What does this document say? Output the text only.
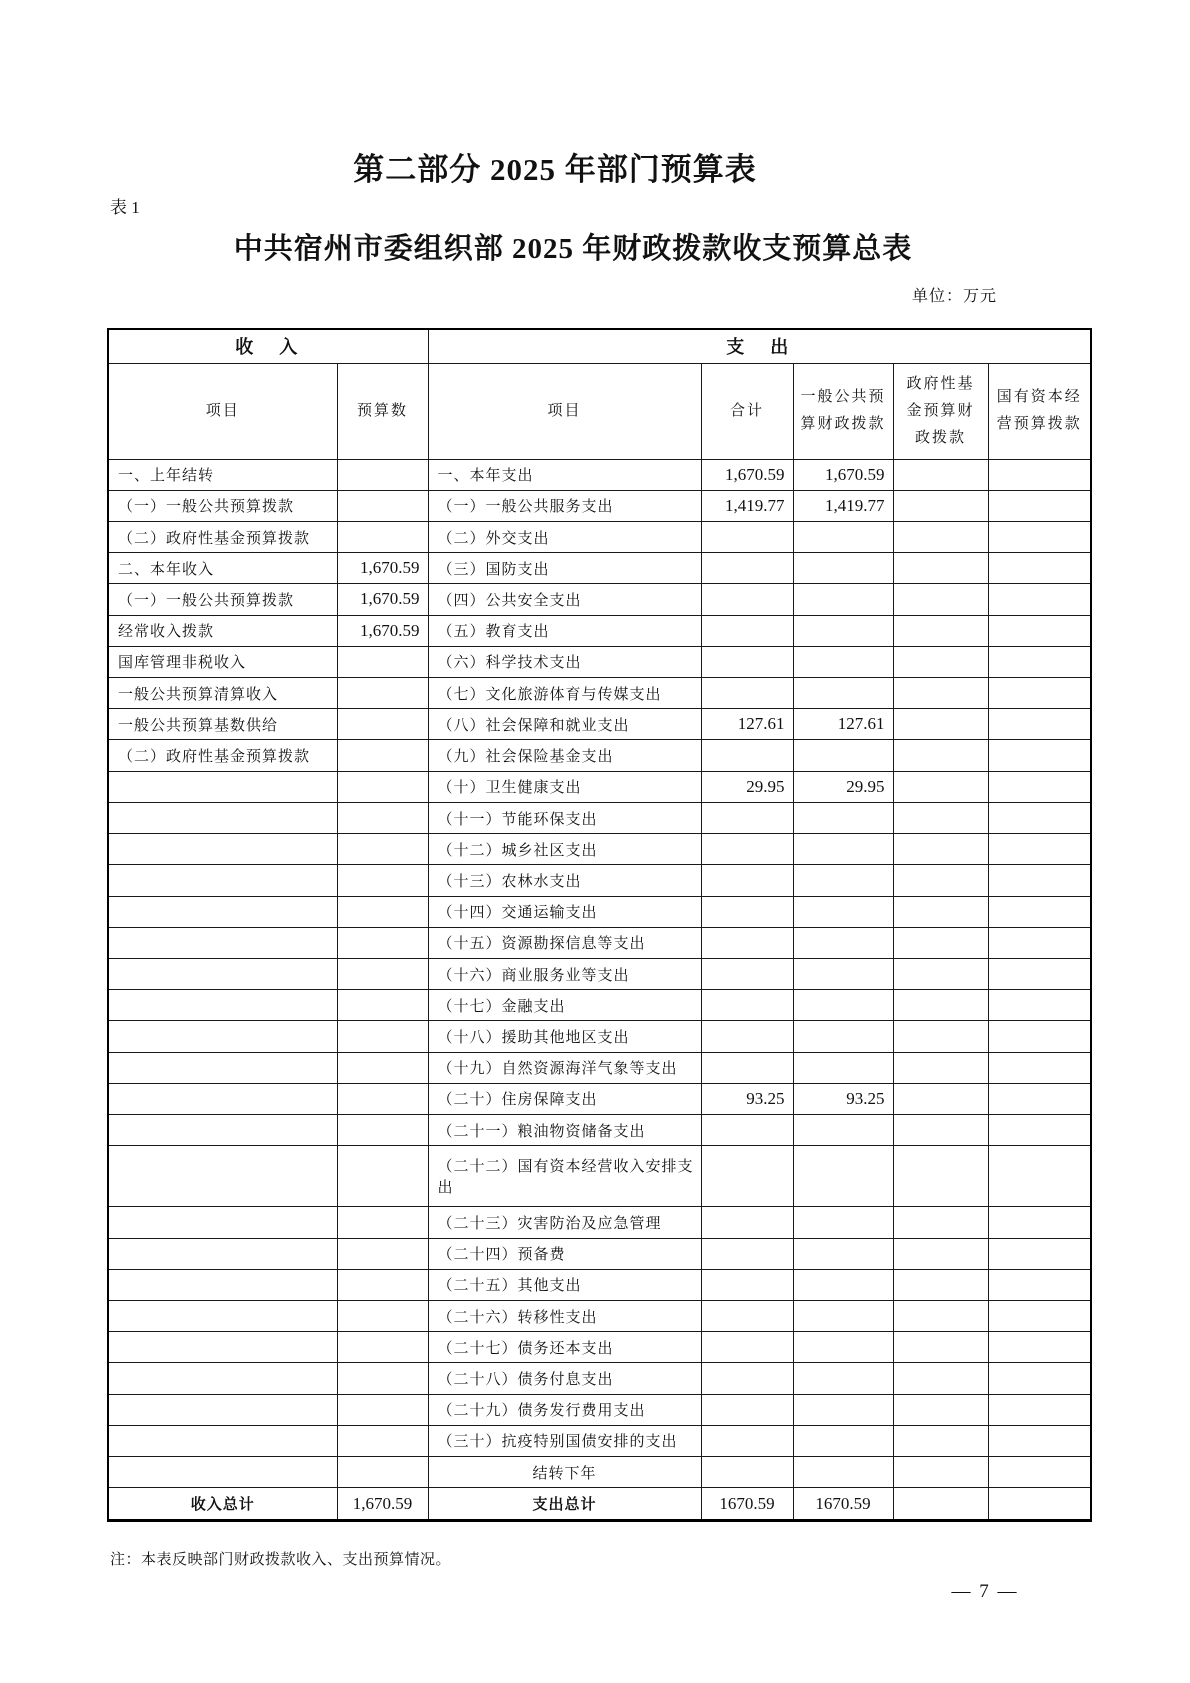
第二部分 2025 年部门预算表
表 1
中共宿州市委组织部 2025 年财政拨款收支预算总表
单位：万元
收　入		支　出				
项目	预算数	项目	合计	一般公共预算财政拨款	政府性基金预算财政拨款	国有资本经营预算拨款
一、上年结转		一、本年支出	1,670.59	1,670.59		
（一）一般公共预算拨款		（一）一般公共服务支出	1,419.77	1,419.77		
（二）政府性基金预算拨款		（二）外交支出				
二、本年收入	1,670.59	（三）国防支出				
（一）一般公共预算拨款	1,670.59	（四）公共安全支出				
经常收入拨款	1,670.59	（五）教育支出				
国库管理非税收入		（六）科学技术支出				
一般公共预算清算收入		（七）文化旅游体育与传媒支出				
一般公共预算基数供给		（八）社会保障和就业支出	127.61	127.61		
（二）政府性基金预算拨款		（九）社会保险基金支出				
		（十）卫生健康支出	29.95	29.95		
		（十一）节能环保支出				
		（十二）城乡社区支出				
		（十三）农林水支出				
		（十四）交通运输支出				
		（十五）资源勘探信息等支出				
		（十六）商业服务业等支出				
		（十七）金融支出				
		（十八）援助其他地区支出				
		（十九）自然资源海洋气象等支出				
		（二十）住房保障支出	93.25	93.25		
		（二十一）粮油物资储备支出				
		（二十二）国有资本经营收入安排支出				
		（二十三）灾害防治及应急管理				
		（二十四）预备费				
		（二十五）其他支出				
		（二十六）转移性支出				
		（二十七）债务还本支出				
		（二十八）债务付息支出				
		（二十九）债务发行费用支出				
		（三十）抗疫特别国债安排的支出				
		结转下年				
收入总计	1,670.59	支出总计	1670.59	1670.59		
注：本表反映部门财政拨款收入、支出预算情况。
— 7 —
